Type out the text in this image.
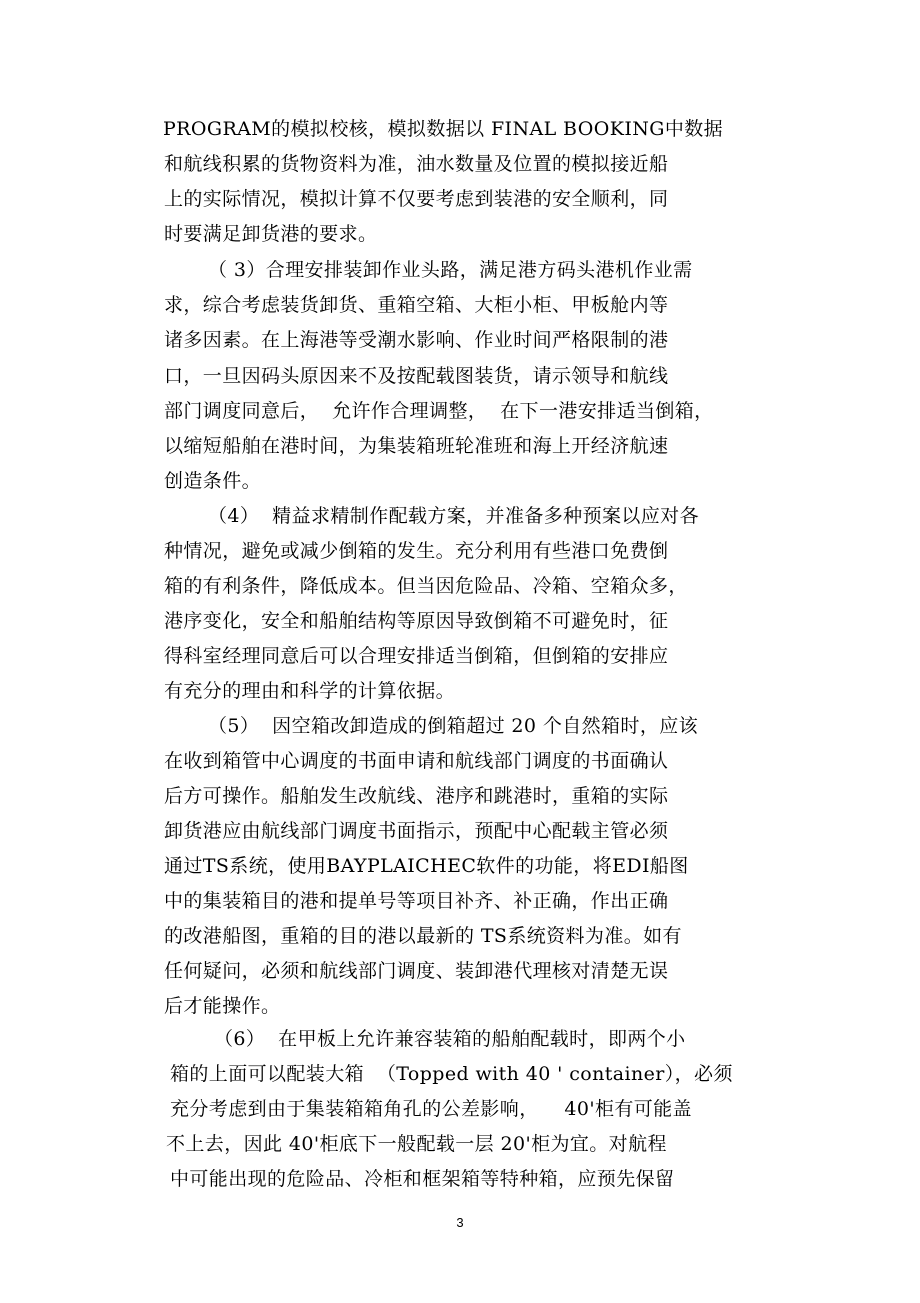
PROGRAM的模拟校核，模拟数据以 FINAL BOOKING中数据
和航线积累的货物资料为准，油水数量及位置的模拟接近船
上的实际情况，模拟计算不仅要考虑到装港的安全顺利，同
时要满足卸货港的要求。
（ 3）合理安排装卸作业头路，满足港方码头港机作业需
求，综合考虑装货卸货、重箱空箱、大柜小柜、甲板舱内等
诸多因素。在上海港等受潮水影响、作业时间严格限制的港
口，一旦因码头原因来不及按配载图装货，请示领导和航线
部门调度同意后，  允许作合理调整，  在下一港安排适当倒箱，
以缩短船舶在港时间，为集装箱班轮准班和海上开经济航速
创造条件。
（4）  精益求精制作配载方案，并准备多种预案以应对各
种情况，避免或减少倒箱的发生。充分利用有些港口免费倒
箱的有利条件，降低成本。但当因危险品、冷箱、空箱众多，
港序变化，安全和船舶结构等原因导致倒箱不可避免时，征
得科室经理同意后可以合理安排适当倒箱，但倒箱的安排应
有充分的理由和科学的计算依据。
（5）  因空箱改卸造成的倒箱超过 20 个自然箱时，应该
在收到箱管中心调度的书面申请和航线部门调度的书面确认
后方可操作。船舶发生改航线、港序和跳港时，重箱的实际
卸货港应由航线部门调度书面指示，预配中心配载主管必须
通过TS系统，使用BAYPLAICHEC软件的功能，将EDI船图
中的集装箱目的港和提单号等项目补齐、补正确，作出正确
的改港船图，重箱的目的港以最新的 TS系统资料为准。如有
任何疑问，必须和航线部门调度、装卸港代理核对清楚无误
后才能操作。
（6）  在甲板上允许兼容装箱的船舶配载时，即两个小
箱的上面可以配装大箱  （Topped with 40 ' container），必须
充分考虑到由于集装箱箱角孔的公差影响，    40'柜有可能盖
不上去，因此 40'柜底下一般配载一层 20'柜为宜。对航程
中可能出现的危险品、冷柜和框架箱等特种箱，应预先保留
3
